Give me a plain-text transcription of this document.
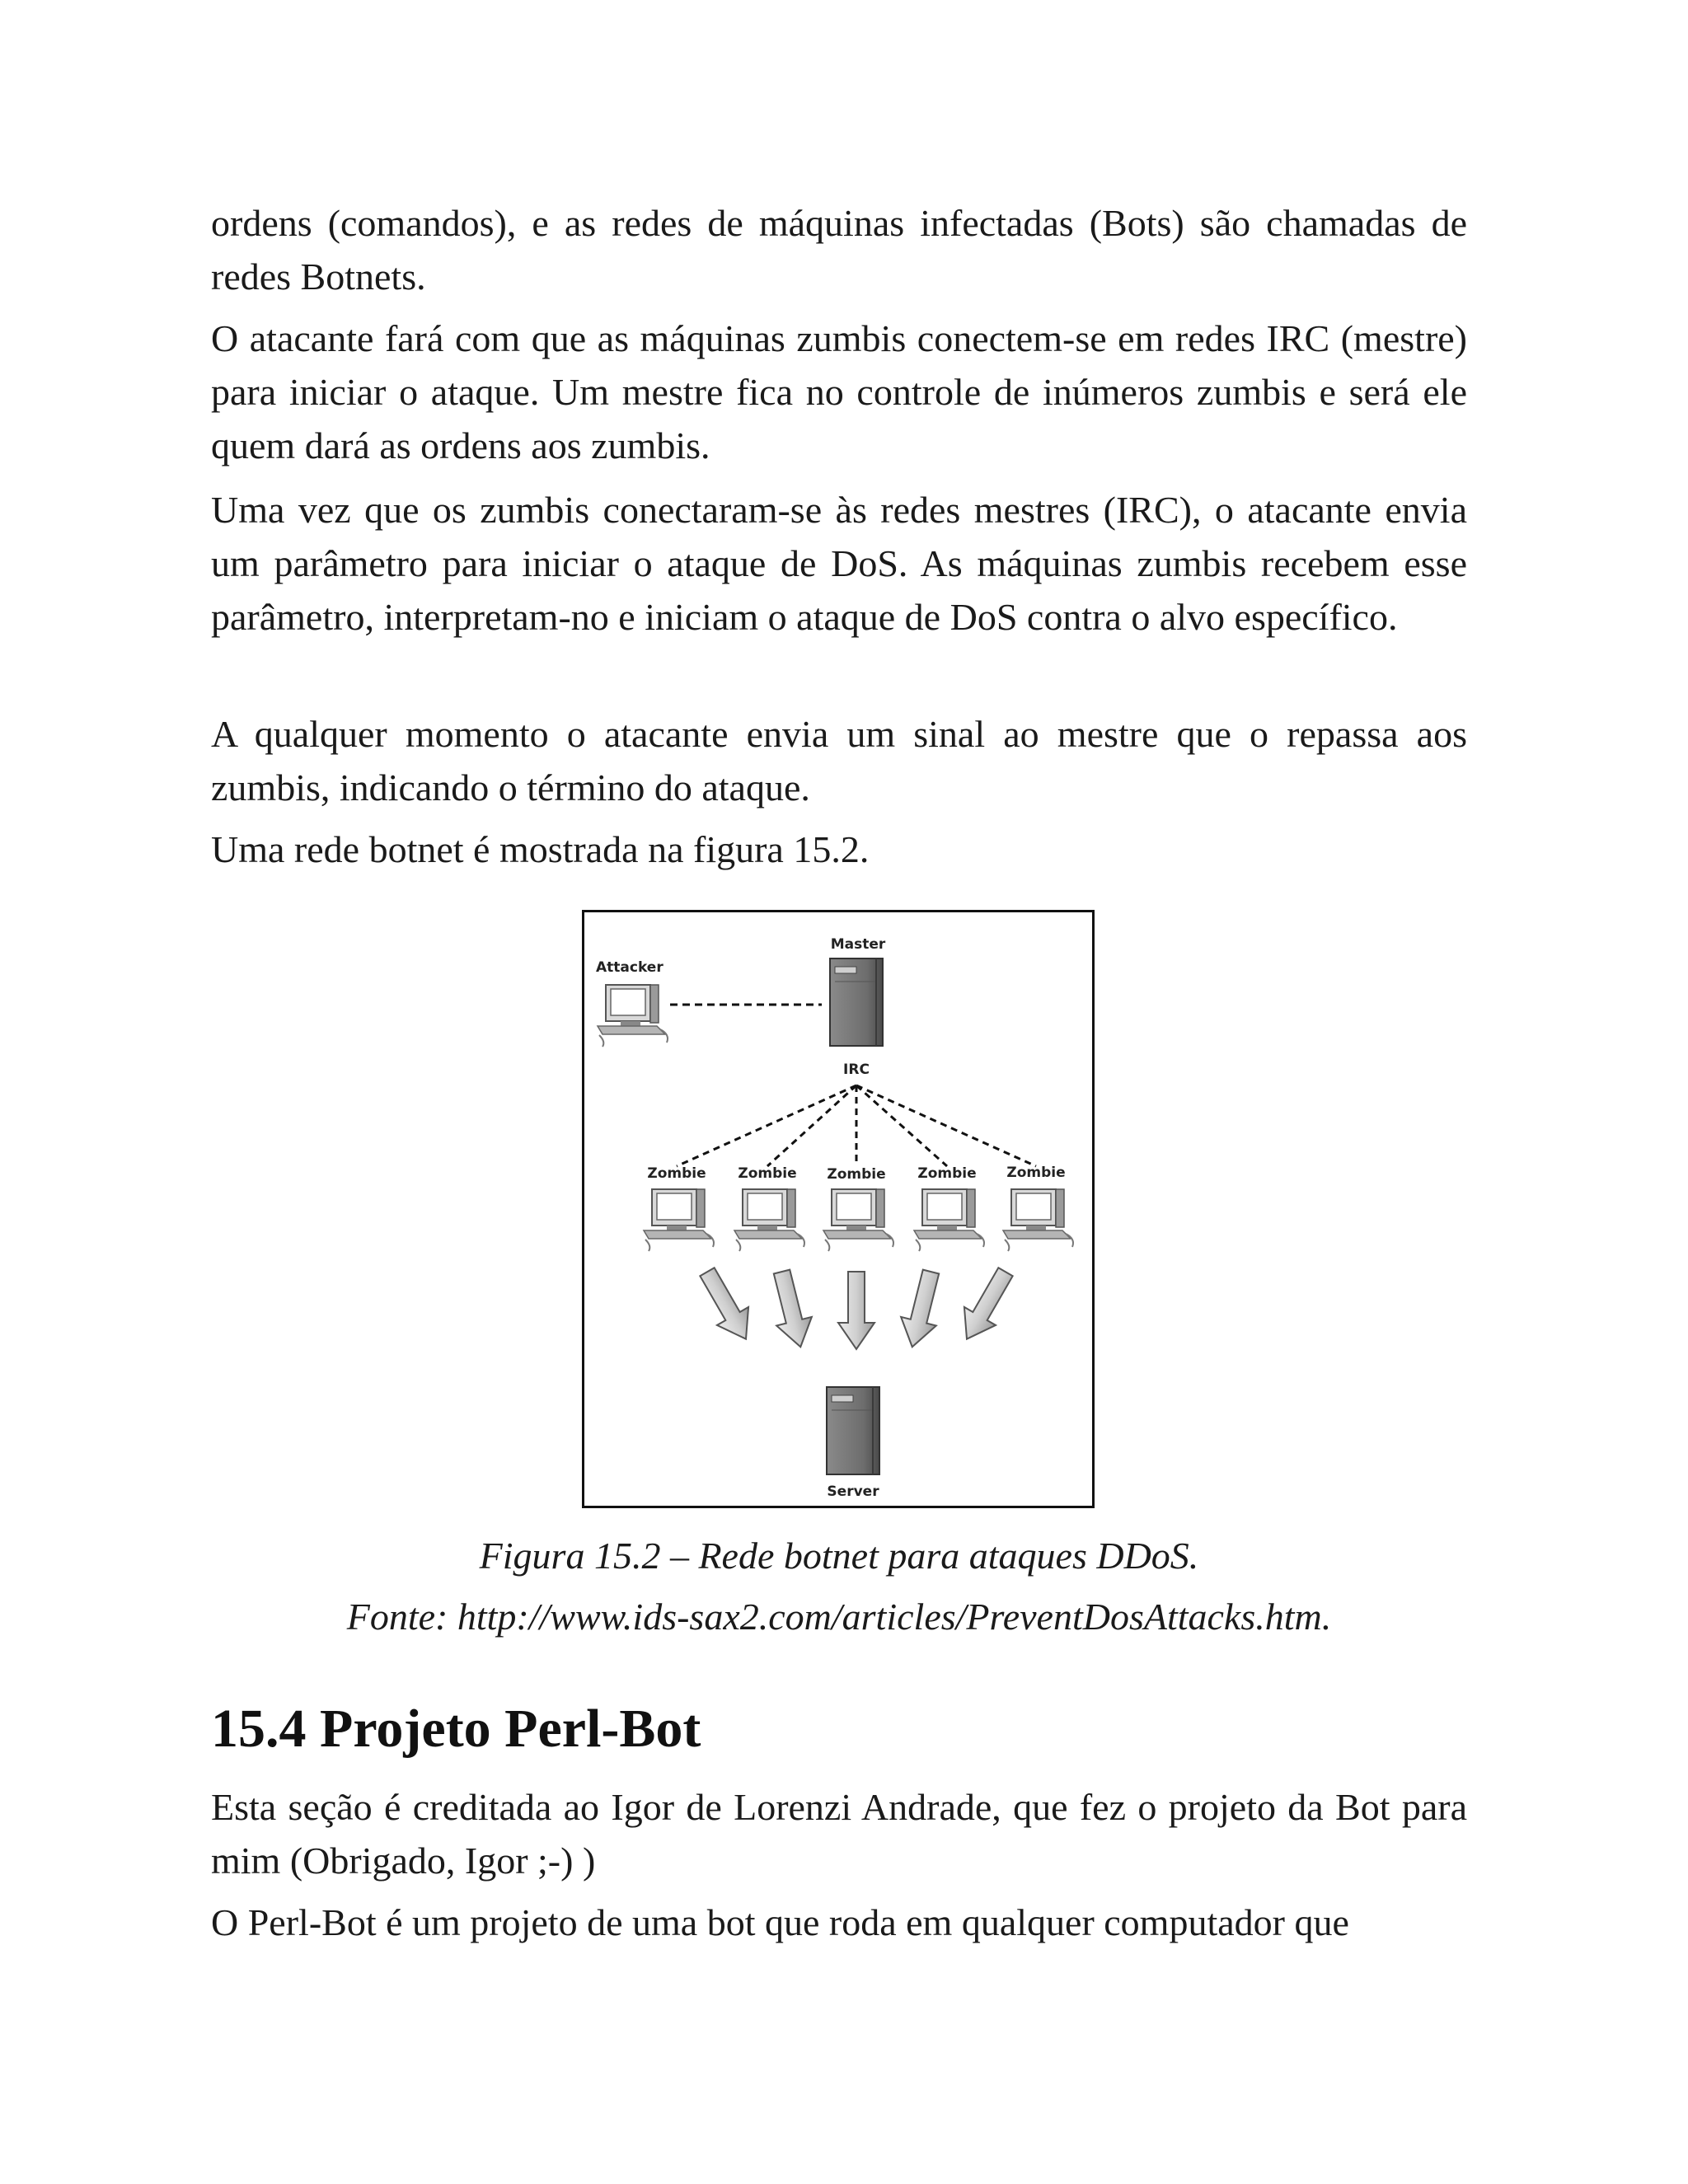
ordens (comandos), e as redes de máquinas infectadas (Bots) são chamadas de redes Botnets.

O atacante fará com que as máquinas zumbis conectem-se em redes IRC (mestre) para iniciar o ataque. Um mestre fica no controle de inúmeros zumbis e será ele quem dará as ordens aos zumbis.

Uma vez que os zumbis conectaram-se às redes mestres (IRC), o atacante envia um parâmetro para iniciar o ataque de DoS. As máquinas zumbis recebem esse parâmetro, interpretam-no e iniciam o ataque de DoS contra o alvo específico.

A qualquer momento o atacante envia um sinal ao mestre que o repassa aos zumbis, indicando o término do ataque.

Uma rede botnet é mostrada na figura 15.2.

Attacker
Master
IRC
Zombie Zombie Zombie Zombie Zombie
Server

Figura 15.2 – Rede botnet para ataques DDoS.

Fonte: http://www.ids-sax2.com/articles/PreventDosAttacks.htm.

15.4 Projeto Perl-Bot

Esta seção é creditada ao Igor de Lorenzi Andrade, que fez o projeto da Bot para mim (Obrigado, Igor ;-) )

O Perl-Bot é um projeto de uma bot que roda em qualquer computador que
